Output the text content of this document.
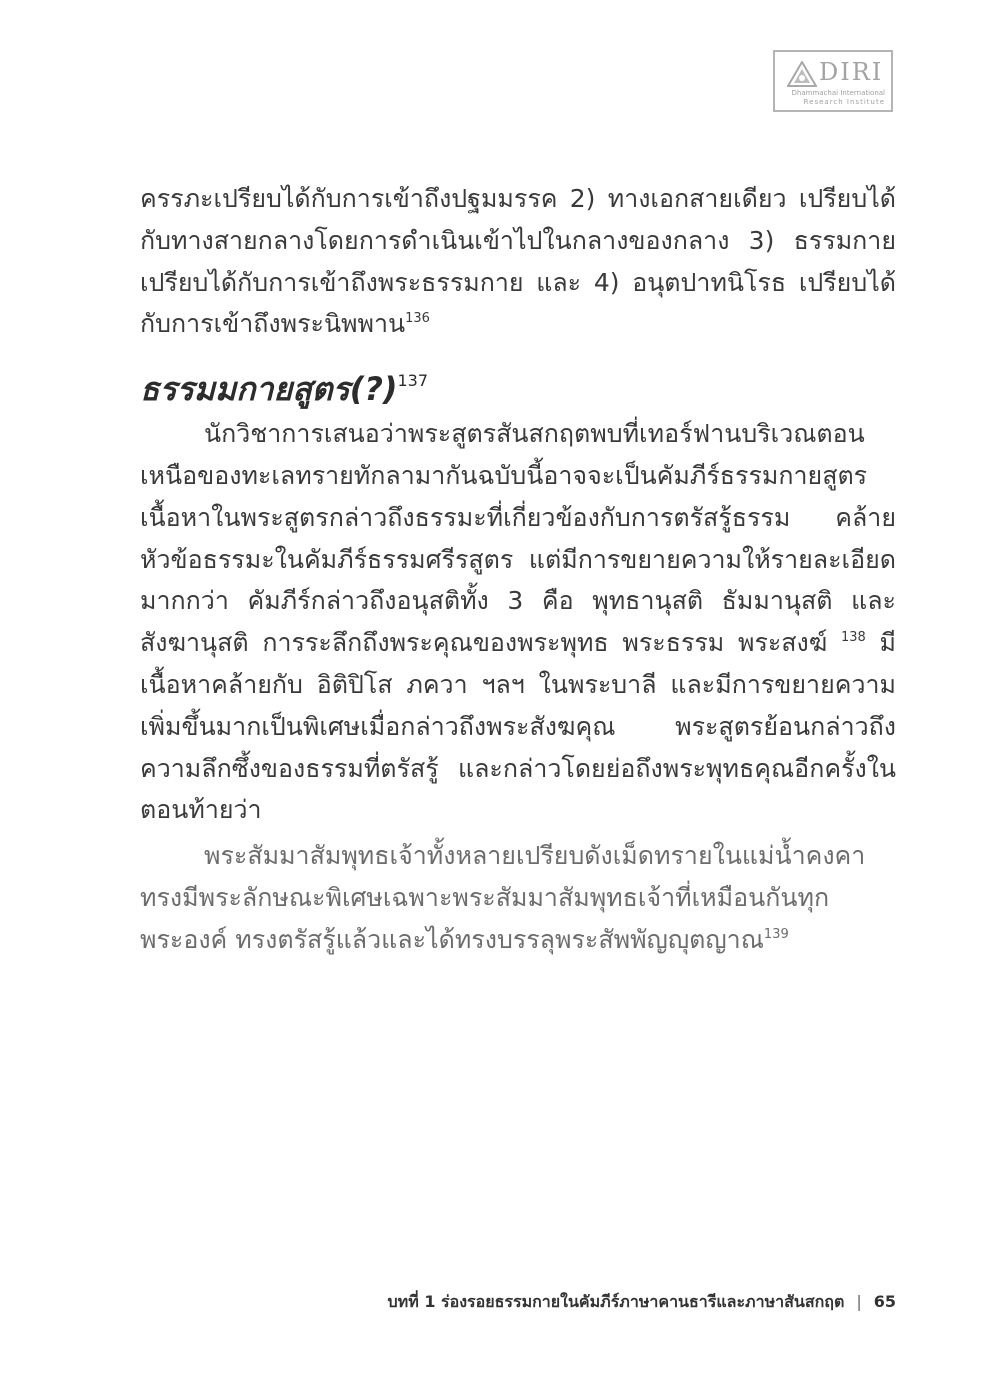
DIRI
Dhammachai International
Research Institute

ครรภะเปรียบได้กับการเข้าถึงปฐมมรรค 2) ทางเอกสายเดียว เปรียบได้กับทางสายกลางโดยการดำเนินเข้าไปในกลางของกลาง 3) ธรรมกาย เปรียบได้กับการเข้าถึงพระธรรมกาย และ 4) อนุตปาทนิโรธ เปรียบได้กับการเข้าถึงพระนิพพาน$^{136}$

ธรรมมกายสูตร(?)$^{137}$

นักวิชาการเสนอว่าพระสูตรสันสกฤตพบที่เทอร์ฟานบริเวณตอนเหนือของทะเลทรายทักลามากันฉบับนี้อาจจะเป็นคัมภีร์ธรรมกายสูตร เนื้อหาในพระสูตรกล่าวถึงธรรมะที่เกี่ยวข้องกับการตรัสรู้ธรรม คล้ายหัวข้อธรรมะในคัมภีร์ธรรมศรีรสูตร แต่มีการขยายความให้รายละเอียดมากกว่า คัมภีร์กล่าวถึงอนุสติทั้ง 3 คือ พุทธานุสติ ธัมมานุสติ และสังฆานุสติ การระลึกถึงพระคุณของพระพุทธ พระธรรม พระสงฆ์ $^{138}$ มีเนื้อหาคล้ายกับ อิติปิโส ภควา ฯลฯ ในพระบาลี และมีการขยายความเพิ่มขึ้นมากเป็นพิเศษเมื่อกล่าวถึงพระสังฆคุณ พระสูตรย้อนกล่าวถึงความลึกซึ้งของธรรมที่ตรัสรู้ และกล่าวโดยย่อถึงพระพุทธคุณอีกครั้งในตอนท้ายว่า

พระสัมมาสัมพุทธเจ้าทั้งหลายเปรียบดังเม็ดทรายในแม่น้ำคงคา ทรงมีพระลักษณะพิเศษเฉพาะพระสัมมาสัมพุทธเจ้าที่เหมือนกันทุกพระองค์ ทรงตรัสรู้แล้วและได้ทรงบรรลุพระสัพพัญญุตญาณ$^{139}$

บทที่ 1 ร่องรอยธรรมกายในคัมภีร์ภาษาคานธารีและภาษาสันสกฤต | 65
